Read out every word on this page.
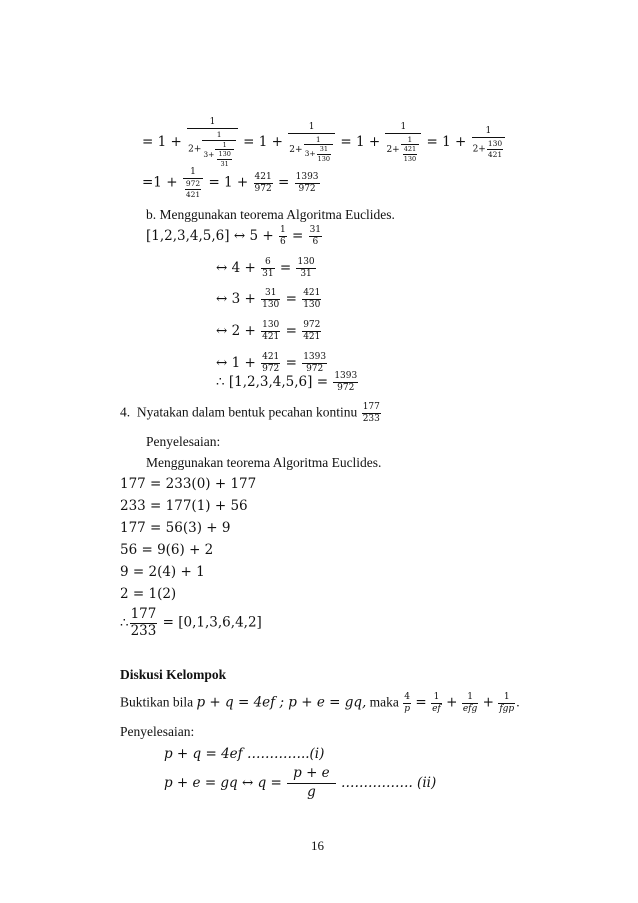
= $1 + \frac{1}{2+ \frac{1}{3+ \frac{1}{\frac{130}{31}}}} = 1 + \frac{1}{2+ \frac{1}{3+ \frac{31}{130}}} = 1 + \frac{1}{2+ \frac{1}{\frac{421}{130}}} = 1 + \frac{1}{2+ \frac{130}{421}}$
$=1 + \frac{1}{\frac{972}{421}} = 1 + \frac{421}{972} = \frac{1393}{972}$
b. Menggunakan teorema Algoritma Euclides.
[1,2,3,4,5,6] ↔ $5 + \frac{1}{6} = \frac{31}{6}$
↔ $4 + \frac{6}{31} = \frac{130}{31}$
↔ $3 + \frac{31}{130} = \frac{421}{130}$
↔ $2 + \frac{130}{421} = \frac{972}{421}$
↔ $1 + \frac{421}{972} = \frac{1393}{972}$
∴ $[1,2,3,4,5,6] = \frac{1393}{972}$
4. Nyatakan dalam bentuk pecahan kontinu $\frac{177}{233}$
Penyelesaian:
Menggunakan teorema Algoritma Euclides.
177 = 233(0) + 177
233 = 177(1) + 56
177 = 56(3) + 9
56 = 9(6) + 2
9 = 2(4) + 1
2 = 1(2)
∴ $\frac{177}{233} = [0,1,3,6,4,2]$
Diskusi Kelompok
Buktikan bila p + q = 4ef ; p + e = gq, maka $\frac{4}{p} = \frac{1}{ef} + \frac{1}{\text{efg}} + \frac{1}{\text{fgp}}$ .
Penyelesaian:
p + q = 4ef …………..(i)
p + e = gq ↔ $q = \frac{p + e}{g}$ ……………. (ii)
16
